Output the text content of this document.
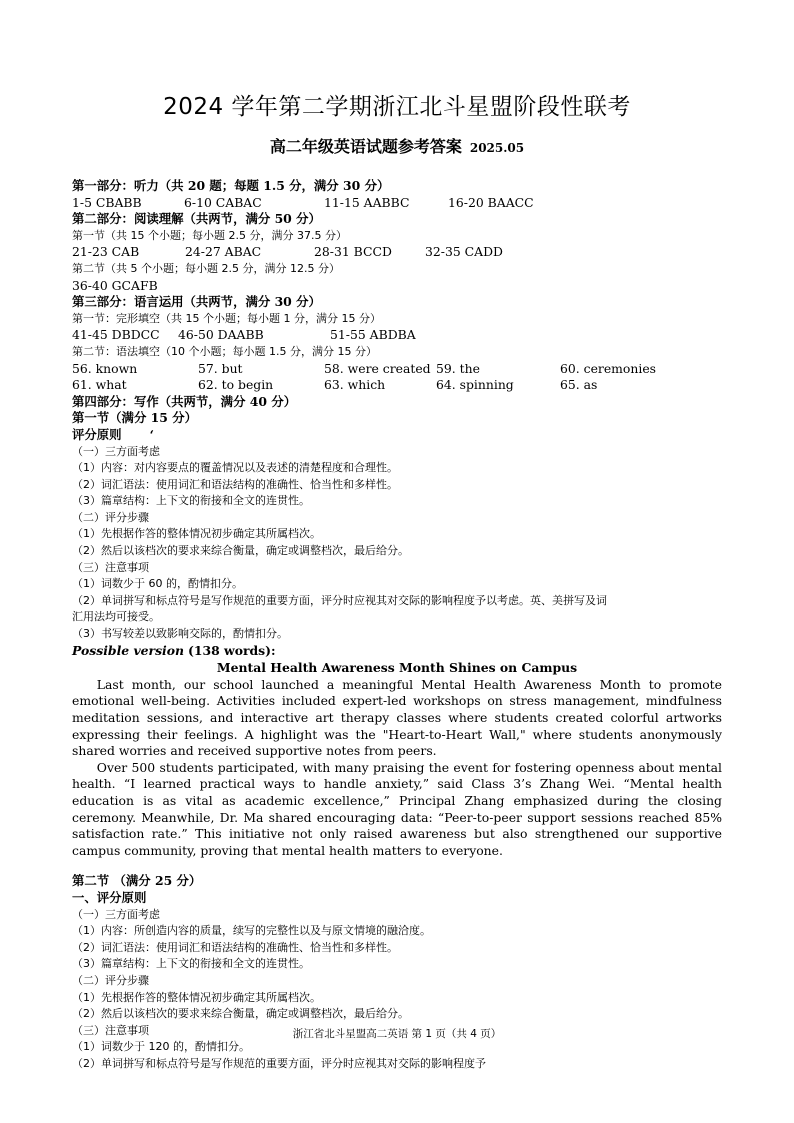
2024 学年第二学期浙江北斗星盟阶段性联考
高二年级英语试题参考答案 2025.05
第一部分：听力（共 20 题；每题 1.5 分，满分 30 分）
1-5 CBABB	6-10 CABAC	11-15 AABBC	16-20 BAACC
第二部分：阅读理解（共两节，满分 50 分）
第一节（共 15 个小题；每小题 2.5 分，满分 37.5 分）
21-23 CAB	24-27 ABAC	28-31 BCCD	32-35 CADD
第二节（共 5 个小题；每小题 2.5 分，满分 12.5 分）
36-40 GCAFB
第三部分：语言运用（共两节，满分 30 分）
第一节：完形填空（共 15 个小题；每小题 1 分，满分 15 分）
41-45 DBDCC 46-50 DAABB	51-55 ABDBA
第二节：语法填空（10 个小题；每小题 1.5 分，满分 15 分）
56. known	57. but	58. were created 59. the	60. ceremonies
61. what	62. to begin	63. which	64. spinning	65. as
第四部分：写作（共两节，满分 40 分）
第一节（满分 15 分）
评分原则 ‘
（一）三方面考虑
（1）内容：对内容要点的覆盖情况以及表述的清楚程度和合理性。
（2）词汇语法：使用词汇和语法结构的准确性、恰当性和多样性。
（3）篇章结构：上下文的衔接和全文的连贯性。
（二）评分步骤
（1）先根据作答的整体情况初步确定其所属档次。
（2）然后以该档次的要求来综合衡量，确定或调整档次，最后给分。
（三）注意事项
（1）词数少于 60 的，酌情扣分。
（2）单词拼写和标点符号是写作规范的重要方面，评分时应视其对交际的影响程度予以考虑。英、美拼写及词
汇用法均可接受。
（3）书写较差以致影响交际的，酌情扣分。
Possible version (138 words):
Mental Health Awareness Month Shines on Campus
Last month, our school launched a meaningful Mental Health Awareness Month to promote emotional well-being. Activities included expert-led workshops on stress management, mindfulness meditation sessions, and interactive art therapy classes where students created colorful artworks expressing their feelings. A highlight was the "Heart-to-Heart Wall," where students anonymously shared worries and received supportive notes from peers.
Over 500 students participated, with many praising the event for fostering openness about mental health. “I learned practical ways to handle anxiety,” said Class 3’s Zhang Wei. “Mental health education is as vital as academic excellence,” Principal Zhang emphasized during the closing ceremony. Meanwhile, Dr. Ma shared encouraging data: “Peer-to-peer support sessions reached 85% satisfaction rate.” This initiative not only raised awareness but also strengthened our supportive campus community, proving that mental health matters to everyone.
第二节 （满分 25 分）
一、评分原则
（一）三方面考虑
（1）内容：所创造内容的质量，续写的完整性以及与原文情境的融洽度。
（2）词汇语法：使用词汇和语法结构的准确性、恰当性和多样性。
（3）篇章结构：上下文的衔接和全文的连贯性。
（二）评分步骤
（1）先根据作答的整体情况初步确定其所属档次。
（2）然后以该档次的要求来综合衡量，确定或调整档次，最后给分。
（三）注意事项
（1）词数少于 120 的，酌情扣分。
（2）单词拼写和标点符号是写作规范的重要方面，评分时应视其对交际的影响程度予
浙江省北斗星盟高二英语 第 1 页（共 4 页）
